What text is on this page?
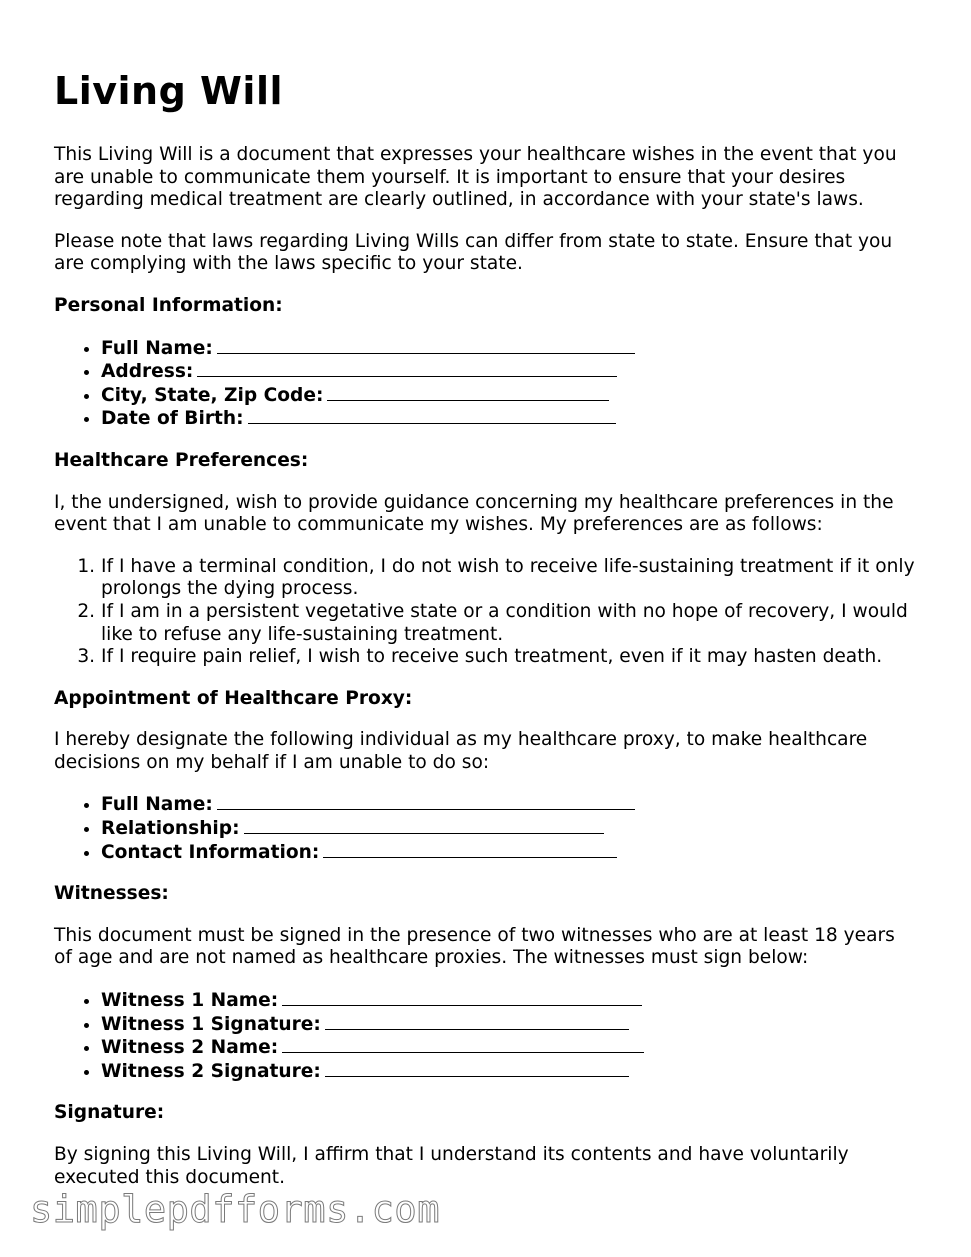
Living Will

This Living Will is a document that expresses your healthcare wishes in the event that you are unable to communicate them yourself. It is important to ensure that your desires regarding medical treatment are clearly outlined, in accordance with your state's laws.

Please note that laws regarding Living Wills can differ from state to state. Ensure that you are complying with the laws specific to your state.

Personal Information:
• Full Name:
• Address:
• City, State, Zip Code:
• Date of Birth:
Healthcare Preferences:

I, the undersigned, wish to provide guidance concerning my healthcare preferences in the event that I am unable to communicate my wishes. My preferences are as follows:

1. If I have a terminal condition, I do not wish to receive life-sustaining treatment if it only prolongs the dying process.
2. If I am in a persistent vegetative state or a condition with no hope of recovery, I would like to refuse any life-sustaining treatment.
3. If I require pain relief, I wish to receive such treatment, even if it may hasten death.
Appointment of Healthcare Proxy:

I hereby designate the following individual as my healthcare proxy, to make healthcare decisions on my behalf if I am unable to do so:

• Full Name:
• Relationship:
• Contact Information:
Witnesses:

This document must be signed in the presence of two witnesses who are at least 18 years of age and are not named as healthcare proxies. The witnesses must sign below:

• Witness 1 Name:
• Witness 1 Signature:
• Witness 2 Name:
• Witness 2 Signature:
Signature:

By signing this Living Will, I affirm that I understand its contents and have voluntarily executed this document.

simplepdfforms.com
